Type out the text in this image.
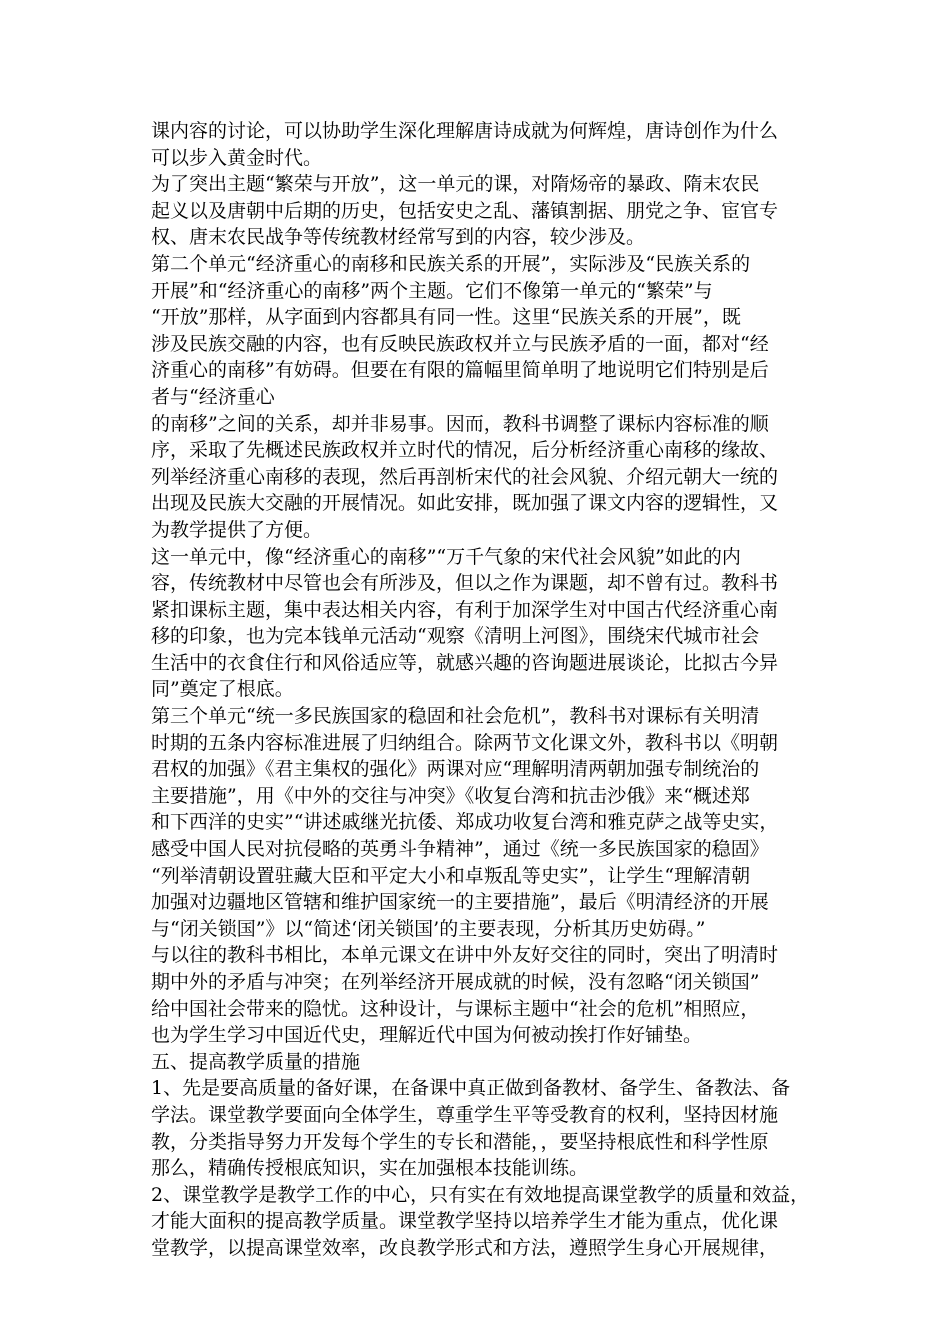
课内容的讨论，可以协助学生深化理解唐诗成就为何辉煌，唐诗创作为什么
可以步入黄金时代。
为了突出主题“繁荣与开放”，这一单元的课，对隋炀帝的暴政、隋末农民
起义以及唐朝中后期的历史，包括安史之乱、藩镇割据、朋党之争、宦官专
权、唐末农民战争等传统教材经常写到的内容，较少涉及。
第二个单元“经济重心的南移和民族关系的开展”，实际涉及“民族关系的
开展”和“经济重心的南移”两个主题。它们不像第一单元的“繁荣”与
“开放”那样，从字面到内容都具有同一性。这里“民族关系的开展”，既
涉及民族交融的内容，也有反映民族政权并立与民族矛盾的一面，都对“经
济重心的南移”有妨碍。但要在有限的篇幅里简单明了地说明它们特别是后
者与“经济重心
的南移”之间的关系，却并非易事。因而，教科书调整了课标内容标准的顺
序，采取了先概述民族政权并立时代的情况，后分析经济重心南移的缘故、
列举经济重心南移的表现，然后再剖析宋代的社会风貌、介绍元朝大一统的
出现及民族大交融的开展情况。如此安排，既加强了课文内容的逻辑性，又
为教学提供了方便。
这一单元中，像“经济重心的南移”“万千气象的宋代社会风貌”如此的内
容，传统教材中尽管也会有所涉及，但以之作为课题，却不曾有过。教科书
紧扣课标主题，集中表达相关内容，有利于加深学生对中国古代经济重心南
移的印象，也为完本钱单元活动“观察《清明上河图》，围绕宋代城市社会
生活中的衣食住行和风俗适应等，就感兴趣的咨询题进展谈论，比拟古今异
同”奠定了根底。
第三个单元“统一多民族国家的稳固和社会危机”，教科书对课标有关明清
时期的五条内容标准进展了归纳组合。除两节文化课文外，教科书以《明朝
君权的加强》《君主集权的强化》两课对应“理解明清两朝加强专制统治的
主要措施”，用《中外的交往与冲突》《收复台湾和抗击沙俄》来“概述郑
和下西洋的史实”“讲述戚继光抗倭、郑成功收复台湾和雅克萨之战等史实，
感受中国人民对抗侵略的英勇斗争精神”，通过《统一多民族国家的稳固》
“列举清朝设置驻藏大臣和平定大小和卓叛乱等史实”，让学生“理解清朝
加强对边疆地区管辖和维护国家统一的主要措施”，最后《明清经济的开展
与“闭关锁国”》以“简述‘闭关锁国’的主要表现，分析其历史妨碍。”
与以往的教科书相比，本单元课文在讲中外友好交往的同时，突出了明清时
期中外的矛盾与冲突；在列举经济开展成就的时候，没有忽略“闭关锁国”
给中国社会带来的隐忧。这种设计，与课标主题中“社会的危机”相照应，
也为学生学习中国近代史，理解近代中国为何被动挨打作好铺垫。
五、提高教学质量的措施
1、先是要高质量的备好课，在备课中真正做到备教材、备学生、备教法、备
学法。课堂教学要面向全体学生，尊重学生平等受教育的权利，坚持因材施
教，分类指导努力开发每个学生的专长和潜能，，要坚持根底性和科学性原
那么，精确传授根底知识，实在加强根本技能训练。
2、课堂教学是教学工作的中心，只有实在有效地提高课堂教学的质量和效益，
才能大面积的提高教学质量。课堂教学坚持以培养学生才能为重点，优化课
堂教学，以提高课堂效率，改良教学形式和方法，遵照学生身心开展规律，
